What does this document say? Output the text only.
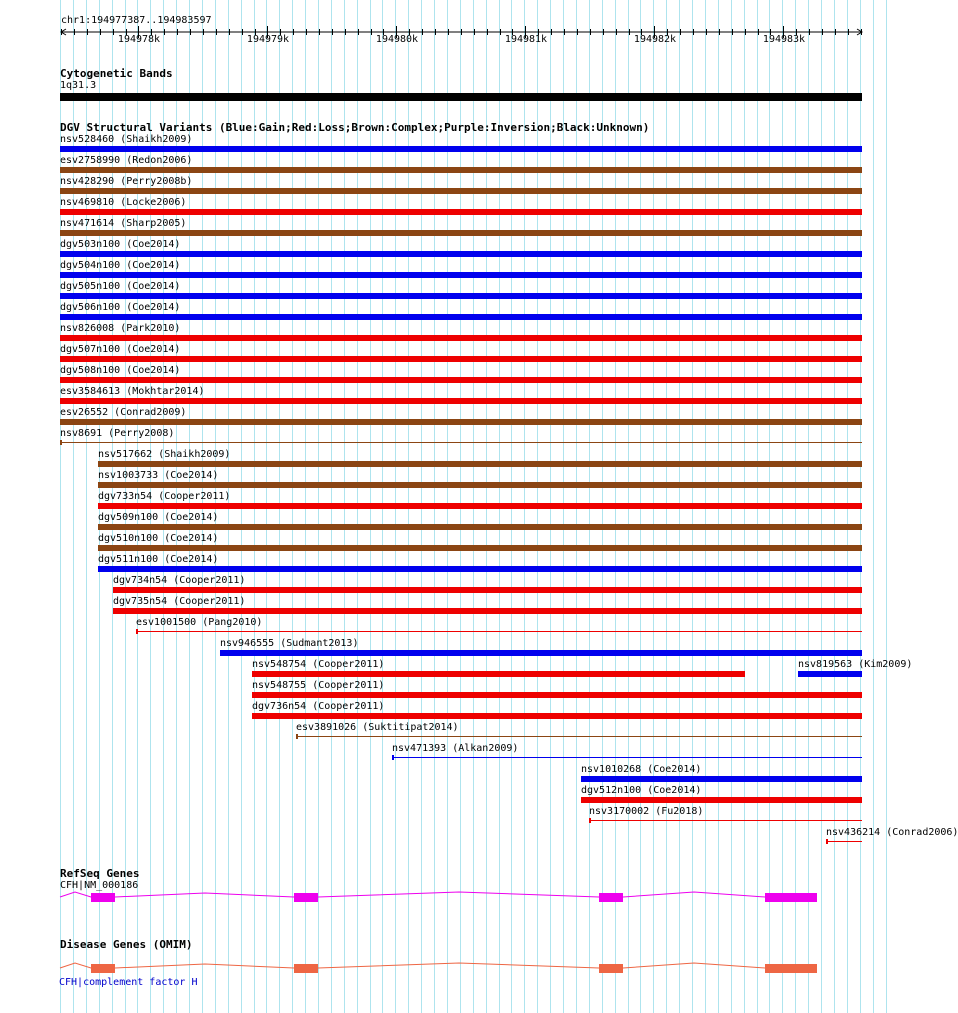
chr1:194977387..194983597
194978k	194979k	194980k	194981k	194982k	194983k
Cytogenetic Bands
1q31.3
DGV Structural Variants (Blue:Gain;Red:Loss;Brown:Complex;Purple:Inversion;Black:Unknown)
nsv528460 (Shaikh2009)
esv2758990 (Redon2006)
nsv428290 (Perry2008b)
nsv469810 (Locke2006)
nsv471614 (Sharp2005)
dgv503n100 (Coe2014)
dgv504n100 (Coe2014)
dgv505n100 (Coe2014)
dgv506n100 (Coe2014)
nsv826008 (Park2010)
dgv507n100 (Coe2014)
dgv508n100 (Coe2014)
esv3584613 (Mokhtar2014)
esv26552 (Conrad2009)
nsv8691 (Perry2008)
nsv517662 (Shaikh2009)
nsv1003733 (Coe2014)
dgv733n54 (Cooper2011)
dgv509n100 (Coe2014)
dgv510n100 (Coe2014)
dgv511n100 (Coe2014)
dgv734n54 (Cooper2011)
dgv735n54 (Cooper2011)
esv1001500 (Pang2010)
nsv946555 (Sudmant2013)
nsv548754 (Cooper2011)	nsv819563 (Kim2009)
nsv548755 (Cooper2011)
dgv736n54 (Cooper2011)
esv3891026 (Suktitipat2014)
nsv471393 (Alkan2009)
nsv1010268 (Coe2014)
dgv512n100 (Coe2014)
nsv3170002 (Fu2018)
nsv436214 (Conrad2006)
RefSeq Genes
CFH|NM_000186
Disease Genes (OMIM)
CFH|complement factor H
